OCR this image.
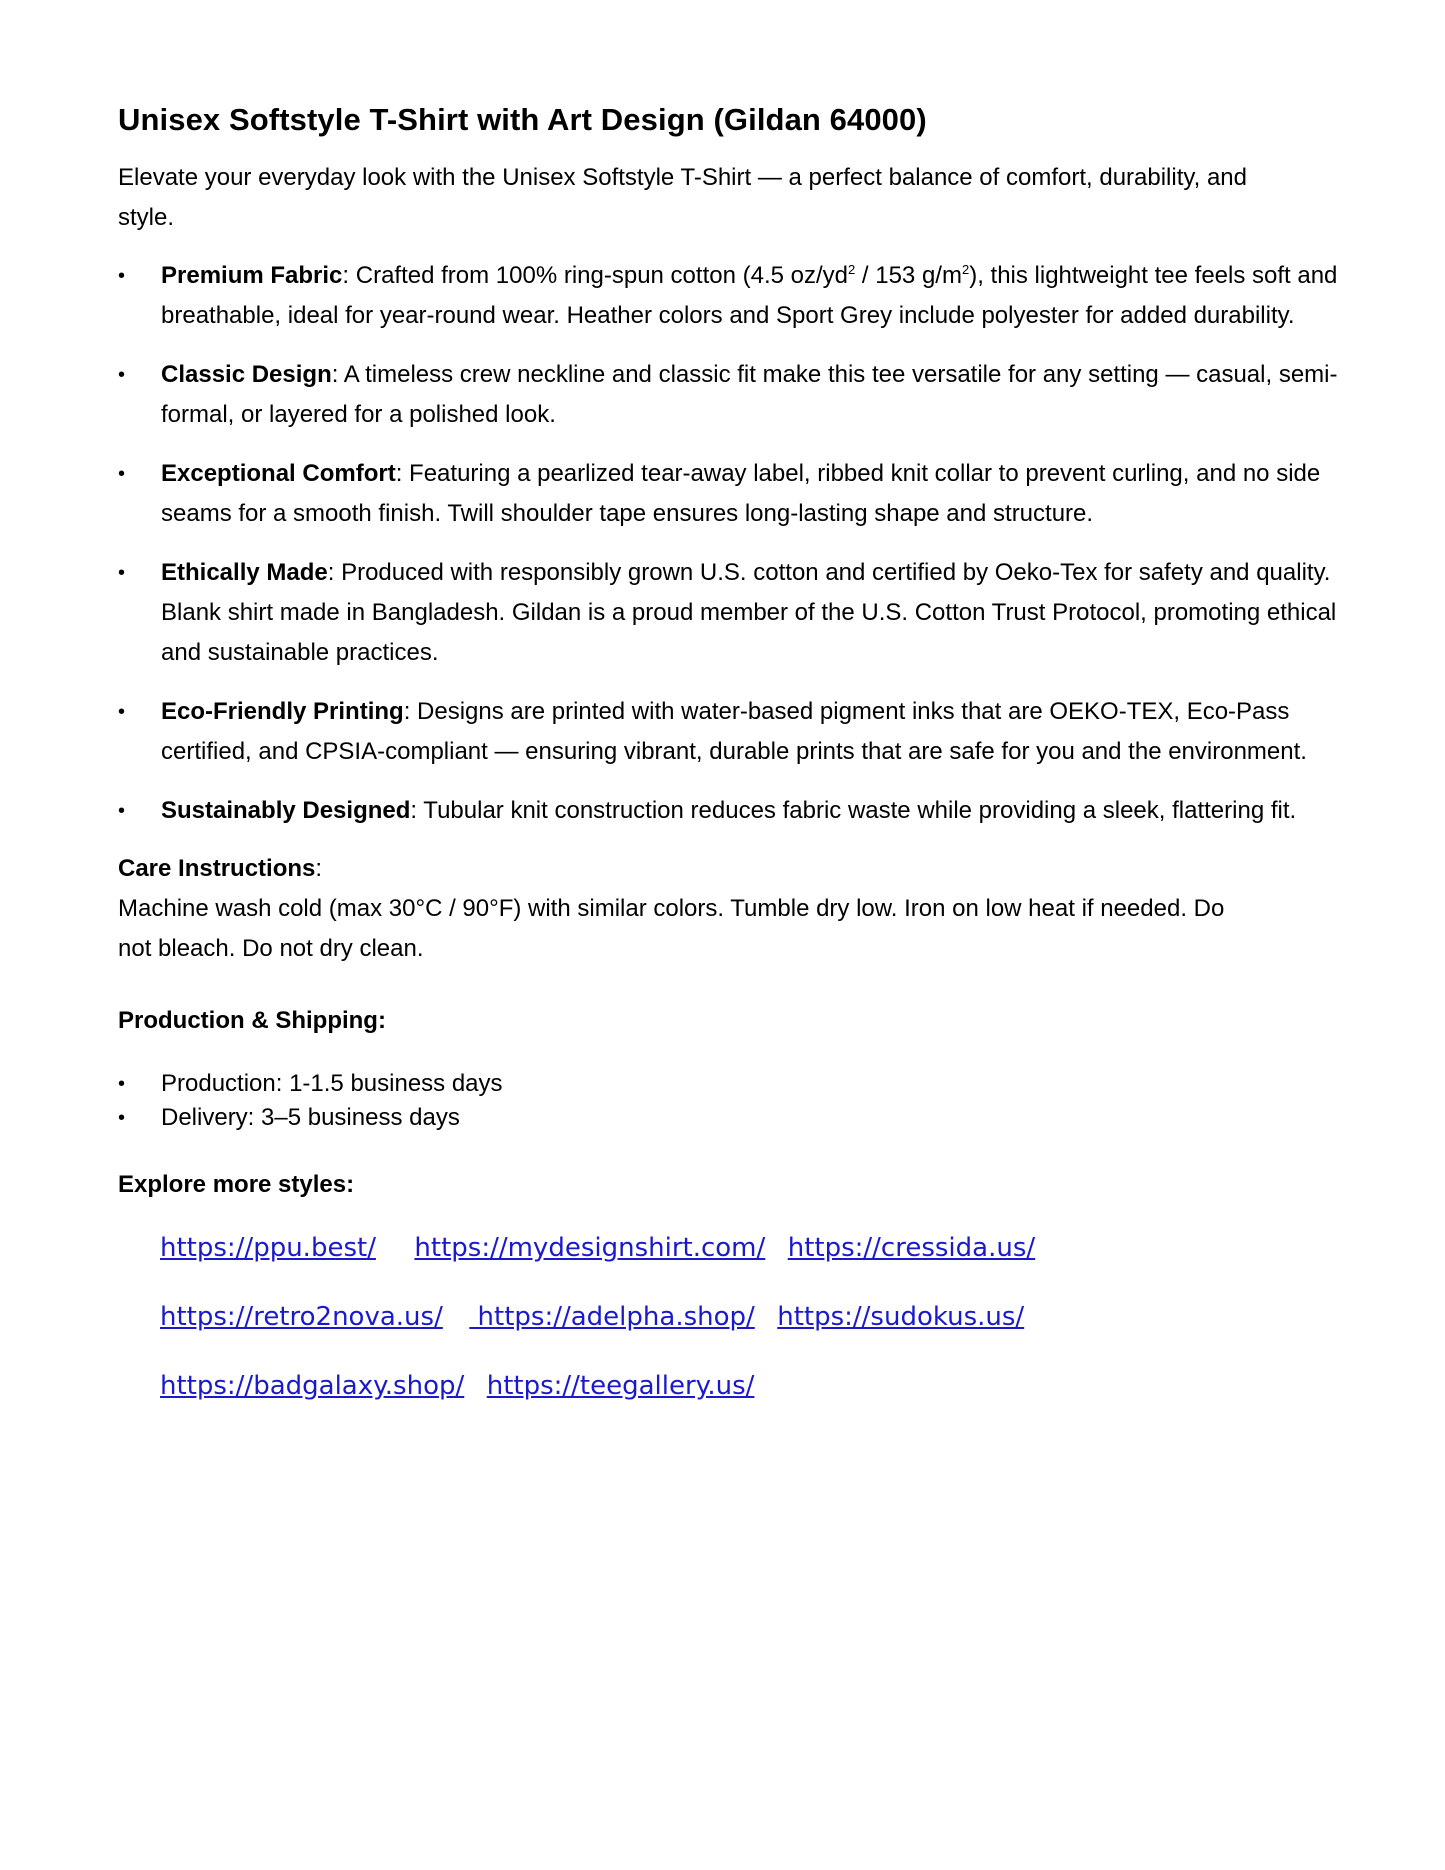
Unisex Softstyle T-Shirt with Art Design (Gildan 64000)

Elevate your everyday look with the Unisex Softstyle T-Shirt — a perfect balance of comfort, durability, and style.

• Premium Fabric: Crafted from 100% ring-spun cotton (4.5 $oz/yd^2 / 153$ $g/m^2$), this lightweight tee feels soft and breathable, ideal for year-round wear. Heather colors and Sport Grey include polyester for added durability.
• Classic Design: A timeless crew neckline and classic fit make this tee versatile for any setting — casual, semi-formal, or layered for a polished look.
• Exceptional Comfort: Featuring a pearlized tear-away label, ribbed knit collar to prevent curling, and no side seams for a smooth finish. Twill shoulder tape ensures long-lasting shape and structure.
• Ethically Made: Produced with responsibly grown U.S. cotton and certified by Oeko-Tex for safety and quality. Blank shirt made in Bangladesh. Gildan is a proud member of the U.S. Cotton Trust Protocol, promoting ethical and sustainable practices.
• Eco-Friendly Printing: Designs are printed with water-based pigment inks that are OEKO-TEX, Eco-Pass certified, and CPSIA-compliant — ensuring vibrant, durable prints that are safe for you and the environment.
• Sustainably Designed: Tubular knit construction reduces fabric waste while providing a sleek, flattering fit.
Care Instructions:
Machine wash cold (max 30°C / 90°F) with similar colors. Tumble dry low. Iron on low heat if needed. Do not bleach. Do not dry clean.
Production & Shipping:
• Production: 1-1.5 business days
• Delivery: 3–5 business days
Explore more styles:
https://ppu.best/ https://mydesignshirt.com/ https://cressida.us/
https://retro2nova.us/  https://adelpha.shop/ https://sudokus.us/
https://badgalaxy.shop/ https://teegallery.us/
